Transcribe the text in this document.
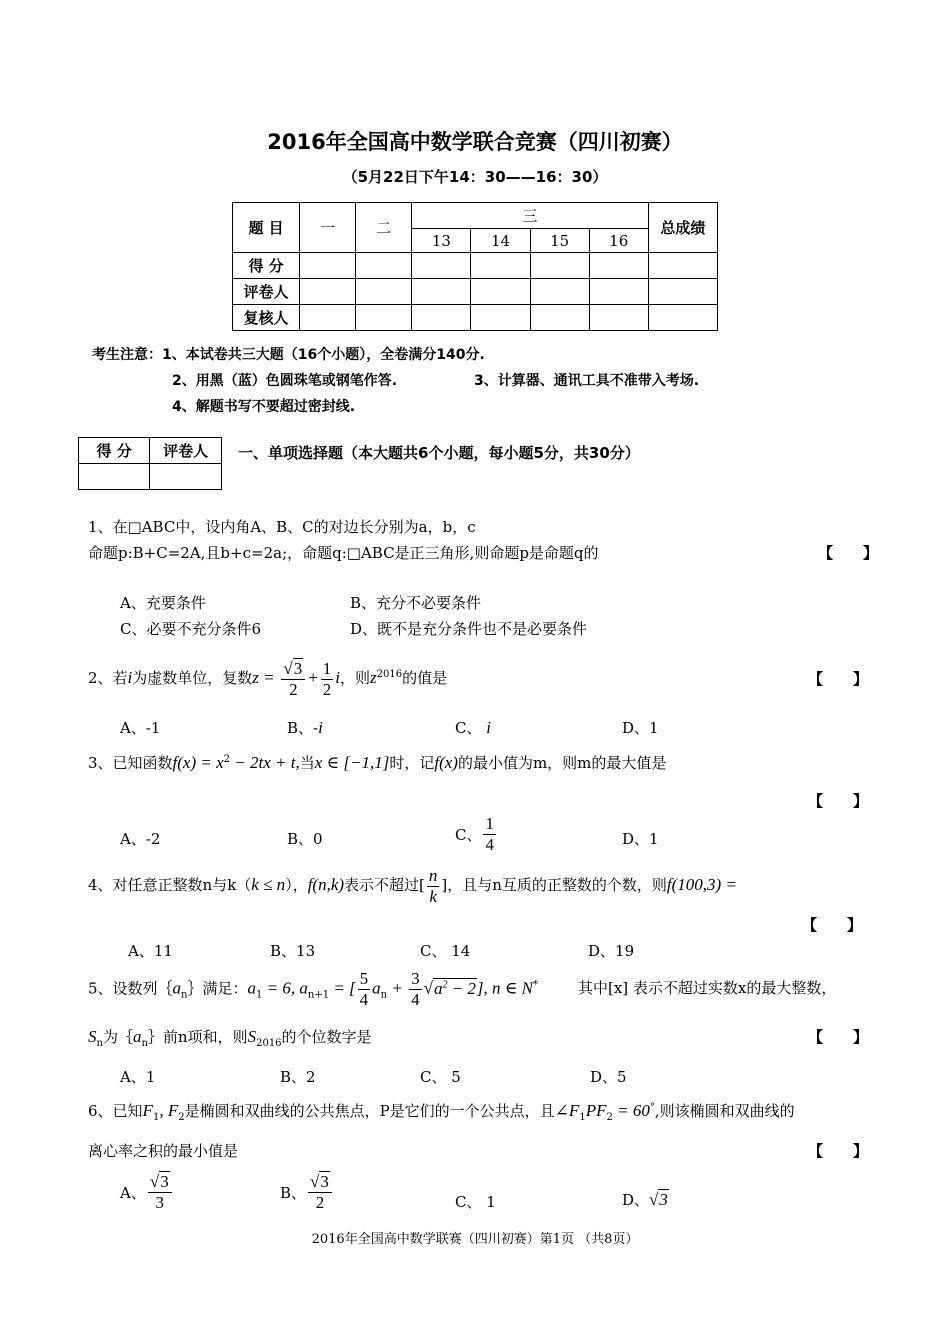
2016年全国高中数学联合竞赛（四川初赛）
（5月22日下午14：30——16：30）
题 目	一	二	三				总成绩
			13	14	15	16	
得 分							
评卷人							
复核人							
考生注意：1、本试卷共三大题（16个小题），全卷满分140分.
2、用黑（蓝）色圆珠笔或钢笔作答.	3、计算器、通讯工具不准带入考场.
4、解题书写不要超过密封线.
得 分	评卷人
	一、单项选择题（本大题共6个小题，每小题5分，共30分）
1、在□ABC中，设内角A、B、C的对边长分别为a，b，c
命题p:B+C=2A,且b+c=2a;，命题q:□ABC是正三角形,则命题p是命题q的	【　　】
A、充要条件	B、充分不必要条件
C、必要不充分条件6	D、既不是充分条件也不是必要条件
2、若i为虚数单位，复数$z = \frac{√3}{2} + \frac{1}{2}$ i，则$z^{2016}$的值是	【　　】
A、-1	B、-i	C、 i	D、1
3、已知函数$f(x) = x^2 - 2tx + t$,当x ∈ [−1,1]时，记f(x)的最小值为m，则m的最大值是
【　　】
A、-2	B、0	C、 $\frac{1}{4}$	D、1
4、对任意正整数n与k（k ≤ n），f(n,k)表示不超过[ $\frac{n}{k}$ ]，且与n互质的正整数的个数，则f(100,3) =
【　　】
A、11	B、13	C、 14	D、19
5、设数列$\{a_n\}$满足：$a_1 = 6$, $a_{n+1}$ = [ $\frac{5}{4} a_n + \frac{3}{4} √a^2 - 2$], n ∈ N*	其中[x] 表示不超过实数x的最大整数，
$S_n$为$\{a_n\}$前n项和，则$S_{2016}$的个位数字是	【　　】
A、1	B、2	C、 5	D、5
6、已知$F_1$, $F_2$是椭圆和双曲线的公共焦点，P是它们的一个公共点，且$\angle F_1PF_2 = 60^\circ$,则该椭圆和双曲线的
离心率之积的最小值是	【　　】
A、 $\frac{√3}{3}$	B、 $\frac{√3}{2}$	C、 1	D、√3
2016年全国高中数学联赛（四川初赛）第1页 （共8页）
